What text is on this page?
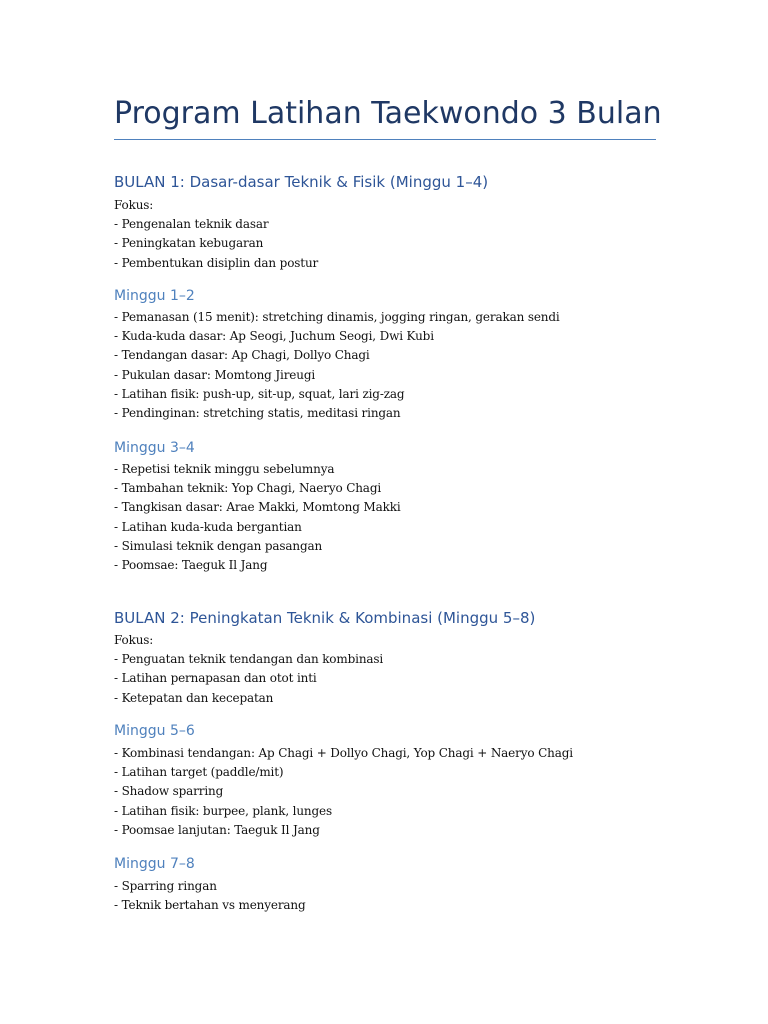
Program Latihan Taekwondo 3 Bulan
BULAN 1: Dasar-dasar Teknik & Fisik (Minggu 1–4)

Fokus:

- Pengenalan teknik dasar

- Peningkatan kebugaran

- Pembentukan disiplin dan postur

Minggu 1–2

- Pemanasan (15 menit): stretching dinamis, jogging ringan, gerakan sendi

- Kuda-kuda dasar: Ap Seogi, Juchum Seogi, Dwi Kubi

- Tendangan dasar: Ap Chagi, Dollyo Chagi

- Pukulan dasar: Momtong Jireugi

- Latihan fisik: push-up, sit-up, squat, lari zig-zag

- Pendinginan: stretching statis, meditasi ringan

Minggu 3–4

- Repetisi teknik minggu sebelumnya

- Tambahan teknik: Yop Chagi, Naeryo Chagi

- Tangkisan dasar: Arae Makki, Momtong Makki

- Latihan kuda-kuda bergantian

- Simulasi teknik dengan pasangan

- Poomsae: Taeguk Il Jang

BULAN 2: Peningkatan Teknik & Kombinasi (Minggu 5–8)

Fokus:

- Penguatan teknik tendangan dan kombinasi

- Latihan pernapasan dan otot inti

- Ketepatan dan kecepatan

Minggu 5–6

- Kombinasi tendangan: Ap Chagi + Dollyo Chagi, Yop Chagi + Naeryo Chagi

- Latihan target (paddle/mit)

- Shadow sparring

- Latihan fisik: burpee, plank, lunges

- Poomsae lanjutan: Taeguk Il Jang

Minggu 7–8

- Sparring ringan

- Teknik bertahan vs menyerang
